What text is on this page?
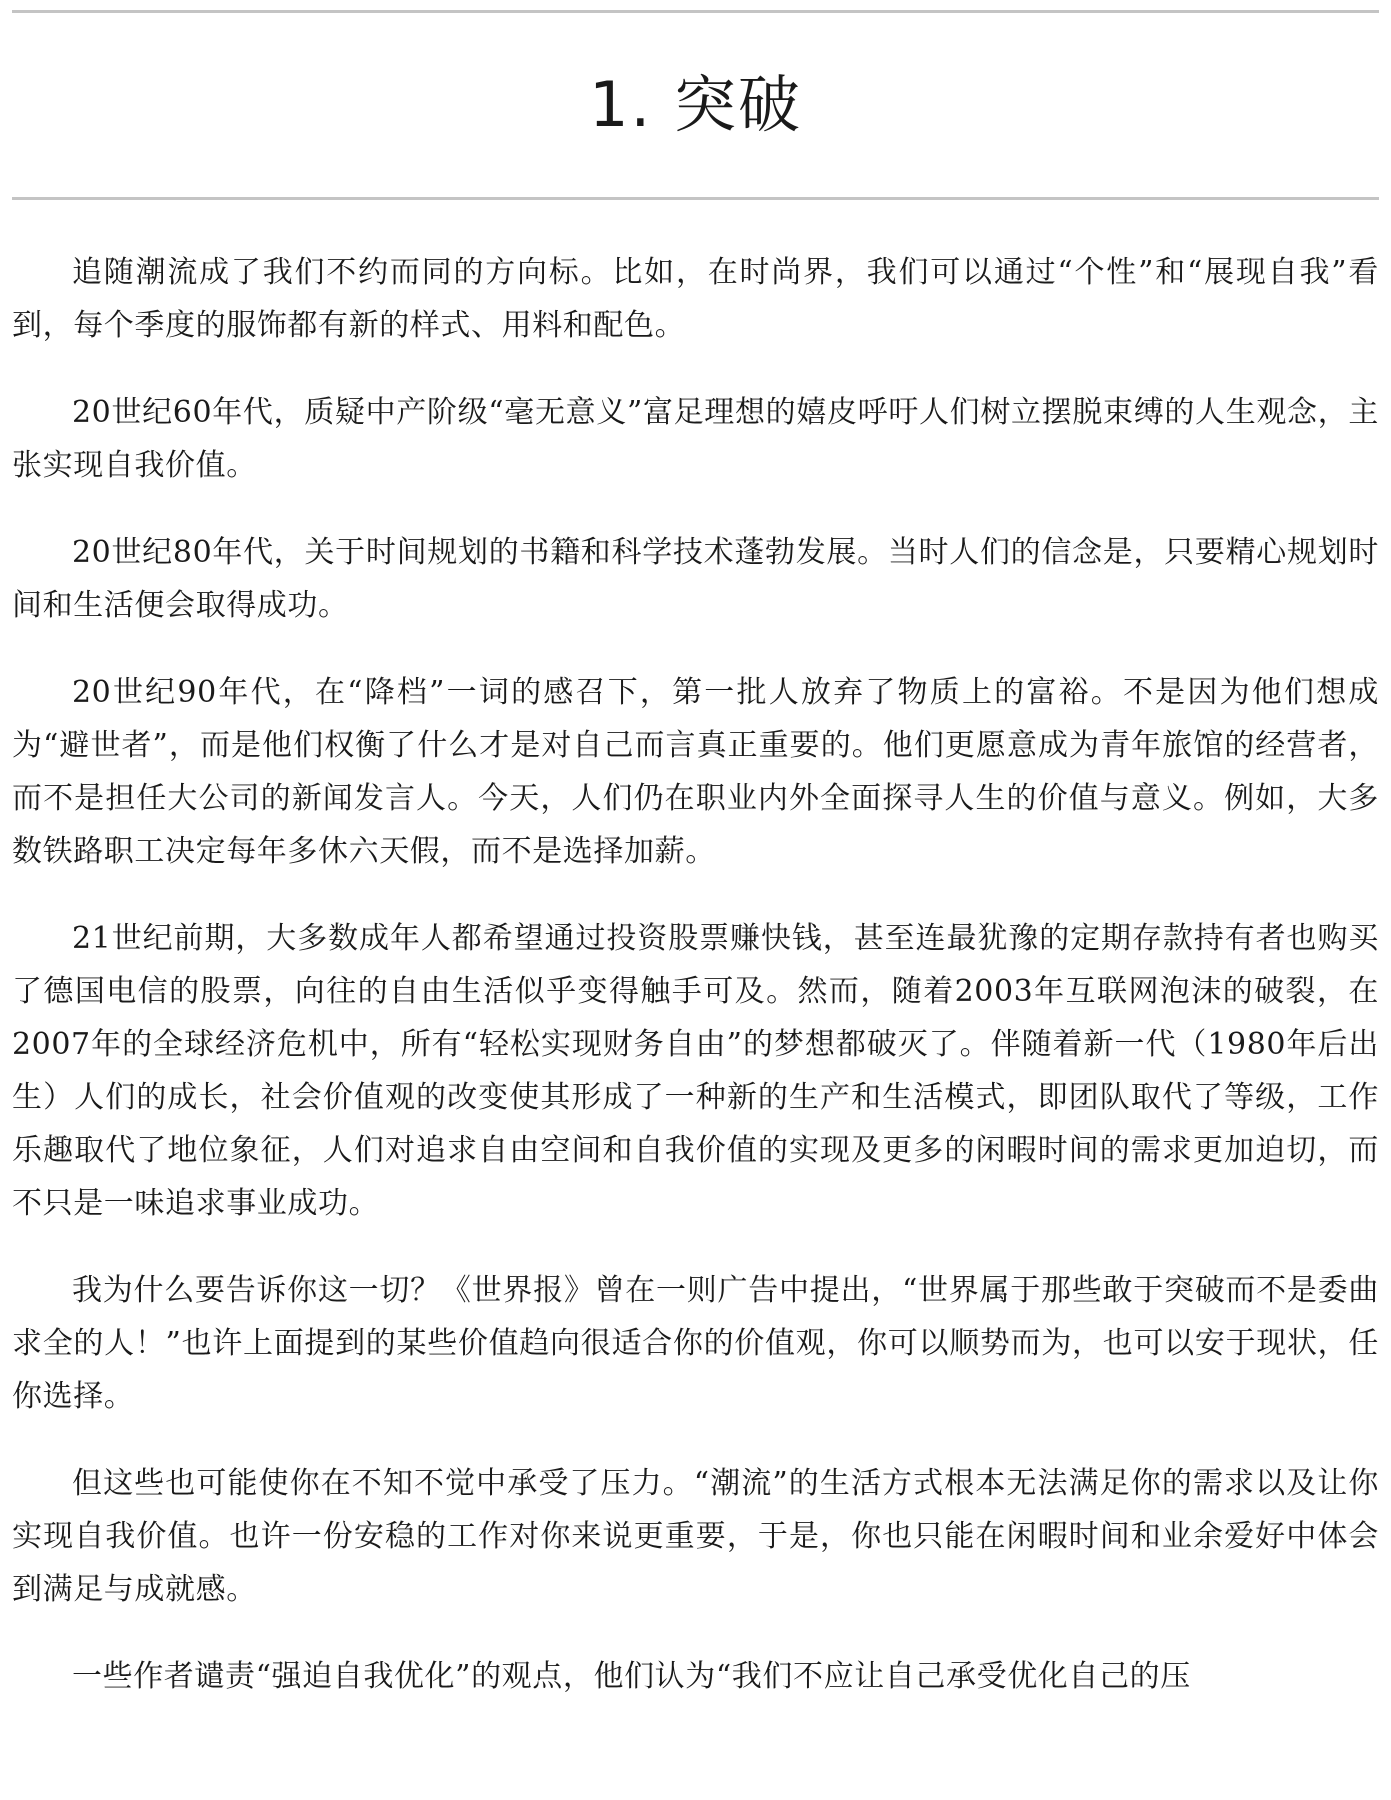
1. 突破

追随潮流成了我们不约而同的方向标。比如，在时尚界，我们可以通过“个性”和“展现自我”看到，每个季度的服饰都有新的样式、用料和配色。

20世纪60年代，质疑中产阶级“毫无意义”富足理想的嬉皮呼吁人们树立摆脱束缚的人生观念，主张实现自我价值。

20世纪80年代，关于时间规划的书籍和科学技术蓬勃发展。当时人们的信念是，只要精心规划时间和生活便会取得成功。

20世纪90年代，在“降档”一词的感召下，第一批人放弃了物质上的富裕。不是因为他们想成为“避世者”，而是他们权衡了什么才是对自己而言真正重要的。他们更愿意成为青年旅馆的经营者，而不是担任大公司的新闻发言人。今天，人们仍在职业内外全面探寻人生的价值与意义。例如，大多数铁路职工决定每年多休六天假，而不是选择加薪。

21世纪前期，大多数成年人都希望通过投资股票赚快钱，甚至连最犹豫的定期存款持有者也购买了德国电信的股票，向往的自由生活似乎变得触手可及。然而，随着2003年互联网泡沫的破裂，在2007年的全球经济危机中，所有“轻松实现财务自由”的梦想都破灭了。伴随着新一代（1980年后出生）人们的成长，社会价值观的改变使其形成了一种新的生产和生活模式，即团队取代了等级，工作乐趣取代了地位象征，人们对追求自由空间和自我价值的实现及更多的闲暇时间的需求更加迫切，而不只是一味追求事业成功。

我为什么要告诉你这一切？《世界报》曾在一则广告中提出，“世界属于那些敢于突破而不是委曲求全的人！”也许上面提到的某些价值趋向很适合你的价值观，你可以顺势而为，也可以安于现状，任你选择。

但这些也可能使你在不知不觉中承受了压力。“潮流”的生活方式根本无法满足你的需求以及让你实现自我价值。也许一份安稳的工作对你来说更重要，于是，你也只能在闲暇时间和业余爱好中体会到满足与成就感。

一些作者谴责“强迫自我优化”的观点，他们认为“我们不应让自己承受优化自己的压
